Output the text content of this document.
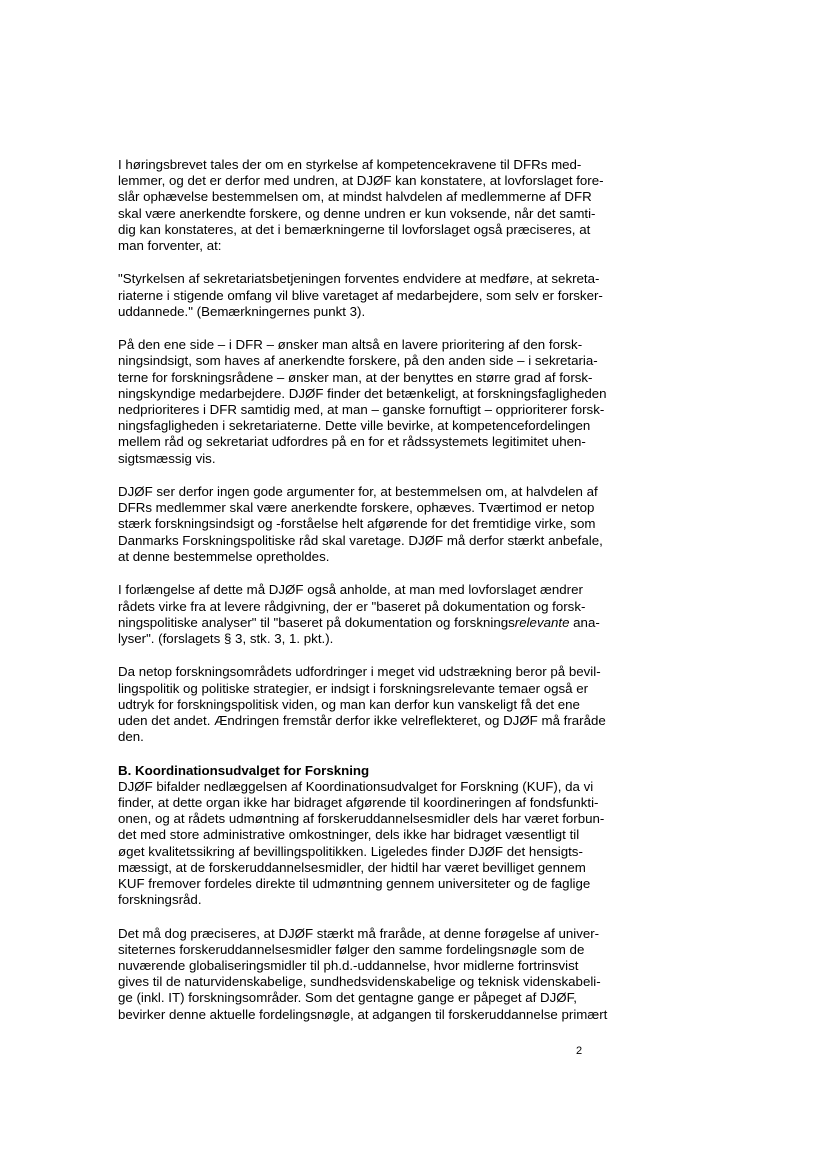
I høringsbrevet tales der om en styrkelse af kompetencekravene til DFRs med-
lemmer, og det er derfor med undren, at DJØF kan konstatere, at lovforslaget fore-
slår ophævelse bestemmelsen om, at mindst halvdelen af medlemmerne af DFR
skal være anerkendte forskere, og denne undren er kun voksende, når det samti-
dig kan konstateres, at det i bemærkningerne til lovforslaget også præciseres, at
man forventer, at:
"Styrkelsen af sekretariatsbetjeningen forventes endvidere at medføre, at sekreta-
riaterne i stigende omfang vil blive varetaget af medarbejdere, som selv er forsker-
uddannede." (Bemærkningernes punkt 3).
På den ene side – i DFR – ønsker man altså en lavere prioritering af den forsk-
ningsindsigt, som haves af anerkendte forskere, på den anden side – i sekretaria-
terne for forskningsrådene – ønsker man, at der benyttes en større grad af forsk-
ningskyndige medarbejdere. DJØF finder det betænkeligt, at forskningsfagligheden
nedprioriteres i DFR samtidig med, at man – ganske fornuftigt – opprioriterer forsk-
ningsfagligheden i sekretariaterne. Dette ville bevirke, at kompetencefordelingen
mellem råd og sekretariat udfordres på en for et rådssystemets legitimitet uhen-
sigtsmæssig vis.
DJØF ser derfor ingen gode argumenter for, at bestemmelsen om, at halvdelen af
DFRs medlemmer skal være anerkendte forskere, ophæves. Tværtimod er netop
stærk forskningsindsigt og -forståelse helt afgørende for det fremtidige virke, som
Danmarks Forskningspolitiske råd skal varetage. DJØF må derfor stærkt anbefale,
at denne bestemmelse opretholdes.
I forlængelse af dette må DJØF også anholde, at man med lovforslaget ændrer
rådets virke fra at levere rådgivning, der er "baseret på dokumentation og forsk-
ningspolitiske analyser" til "baseret på dokumentation og forskningsrelevante ana-
lyser". (forslagets § 3, stk. 3, 1. pkt.).
Da netop forskningsområdets udfordringer i meget vid udstrækning beror på bevil-
lingspolitik og politiske strategier, er indsigt i forskningsrelevante temaer også er
udtryk for forskningspolitisk viden, og man kan derfor kun vanskeligt få det ene
uden det andet. Ændringen fremstår derfor ikke velreflekteret, og DJØF må fraråde
den.
B. Koordinationsudvalget for Forskning
DJØF bifalder nedlæggelsen af Koordinationsudvalget for Forskning (KUF), da vi
finder, at dette organ ikke har bidraget afgørende til koordineringen af fondsfunkti-
onen, og at rådets udmøntning af forskeruddannelsesmidler dels har været forbun-
det med store administrative omkostninger, dels ikke har bidraget væsentligt til
øget kvalitetssikring af bevillingspolitikken. Ligeledes finder DJØF det hensigts-
mæssigt, at de forskeruddannelsesmidler, der hidtil har været bevilliget gennem
KUF fremover fordeles direkte til udmøntning gennem universiteter og de faglige
forskningsråd.
Det må dog præciseres, at DJØF stærkt må fraråde, at denne forøgelse af univer-
siteternes forskeruddannelsesmidler følger den samme fordelingsnøgle som de
nuværende globaliseringsmidler til ph.d.-uddannelse, hvor midlerne fortrinsvist
gives til de naturvidenskabelige, sundhedsvidenskabelige og teknisk videnskabeli-
ge (inkl. IT) forskningsområder. Som det gentagne gange er påpeget af DJØF,
bevirker denne aktuelle fordelingsnøgle, at adgangen til forskeruddannelse primært
2
